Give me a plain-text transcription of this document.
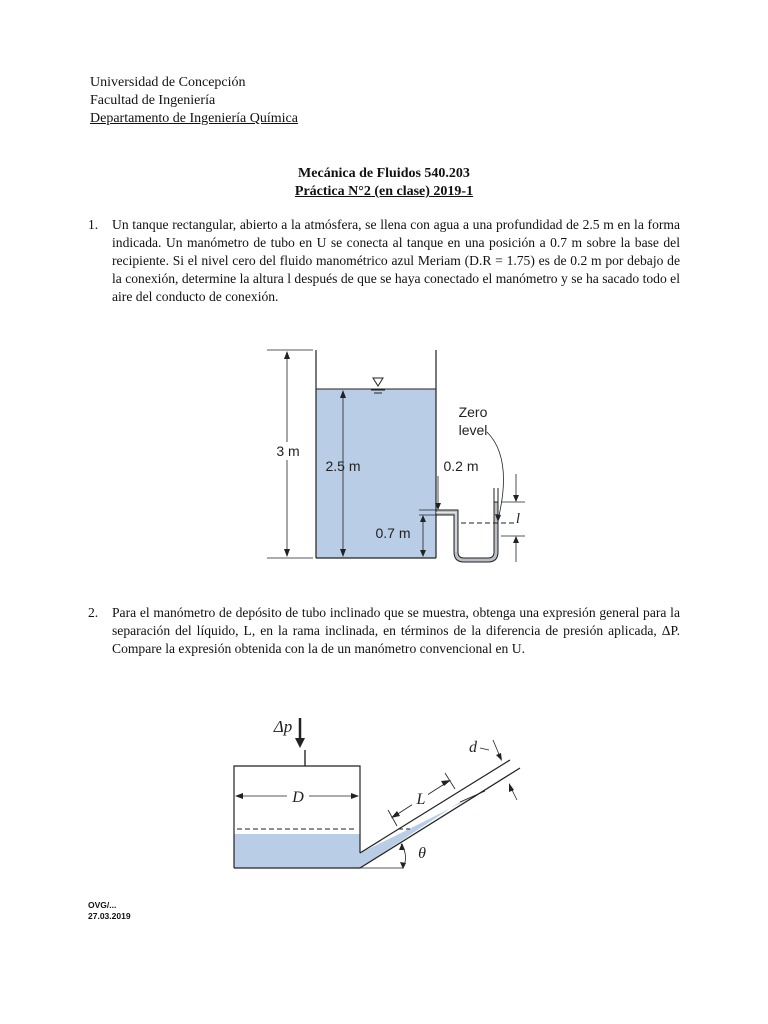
Universidad de Concepción
Facultad de Ingeniería
Departamento de Ingeniería Química
Mecánica de Fluidos 540.203
Práctica N°2 (en clase) 2019-1
1. Un tanque rectangular, abierto a la atmósfera, se llena con agua a una profundidad de 2.5 m en la forma indicada. Un manómetro de tubo en U se conecta al tanque en una posición a 0.7 m sobre la base del recipiente. Si el nivel cero del fluido manométrico azul Meriam (D.R = 1.75) es de 0.2 m por debajo de la conexión, determine la altura l después de que se haya conectado el manómetro y se ha sacado todo el aire del conducto de conexión.
3 m
2.5 m
0.7 m
0.2 m
Zero
level
l
2. Para el manómetro de depósito de tubo inclinado que se muestra, obtenga una expresión general para la separación del líquido, L, en la rama inclinada, en términos de la diferencia de presión aplicada, ΔP. Compare la expresión obtenida con la de un manómetro convencional en U.
Δp
D	L
d
θ
OVG/...
27.03.2019
